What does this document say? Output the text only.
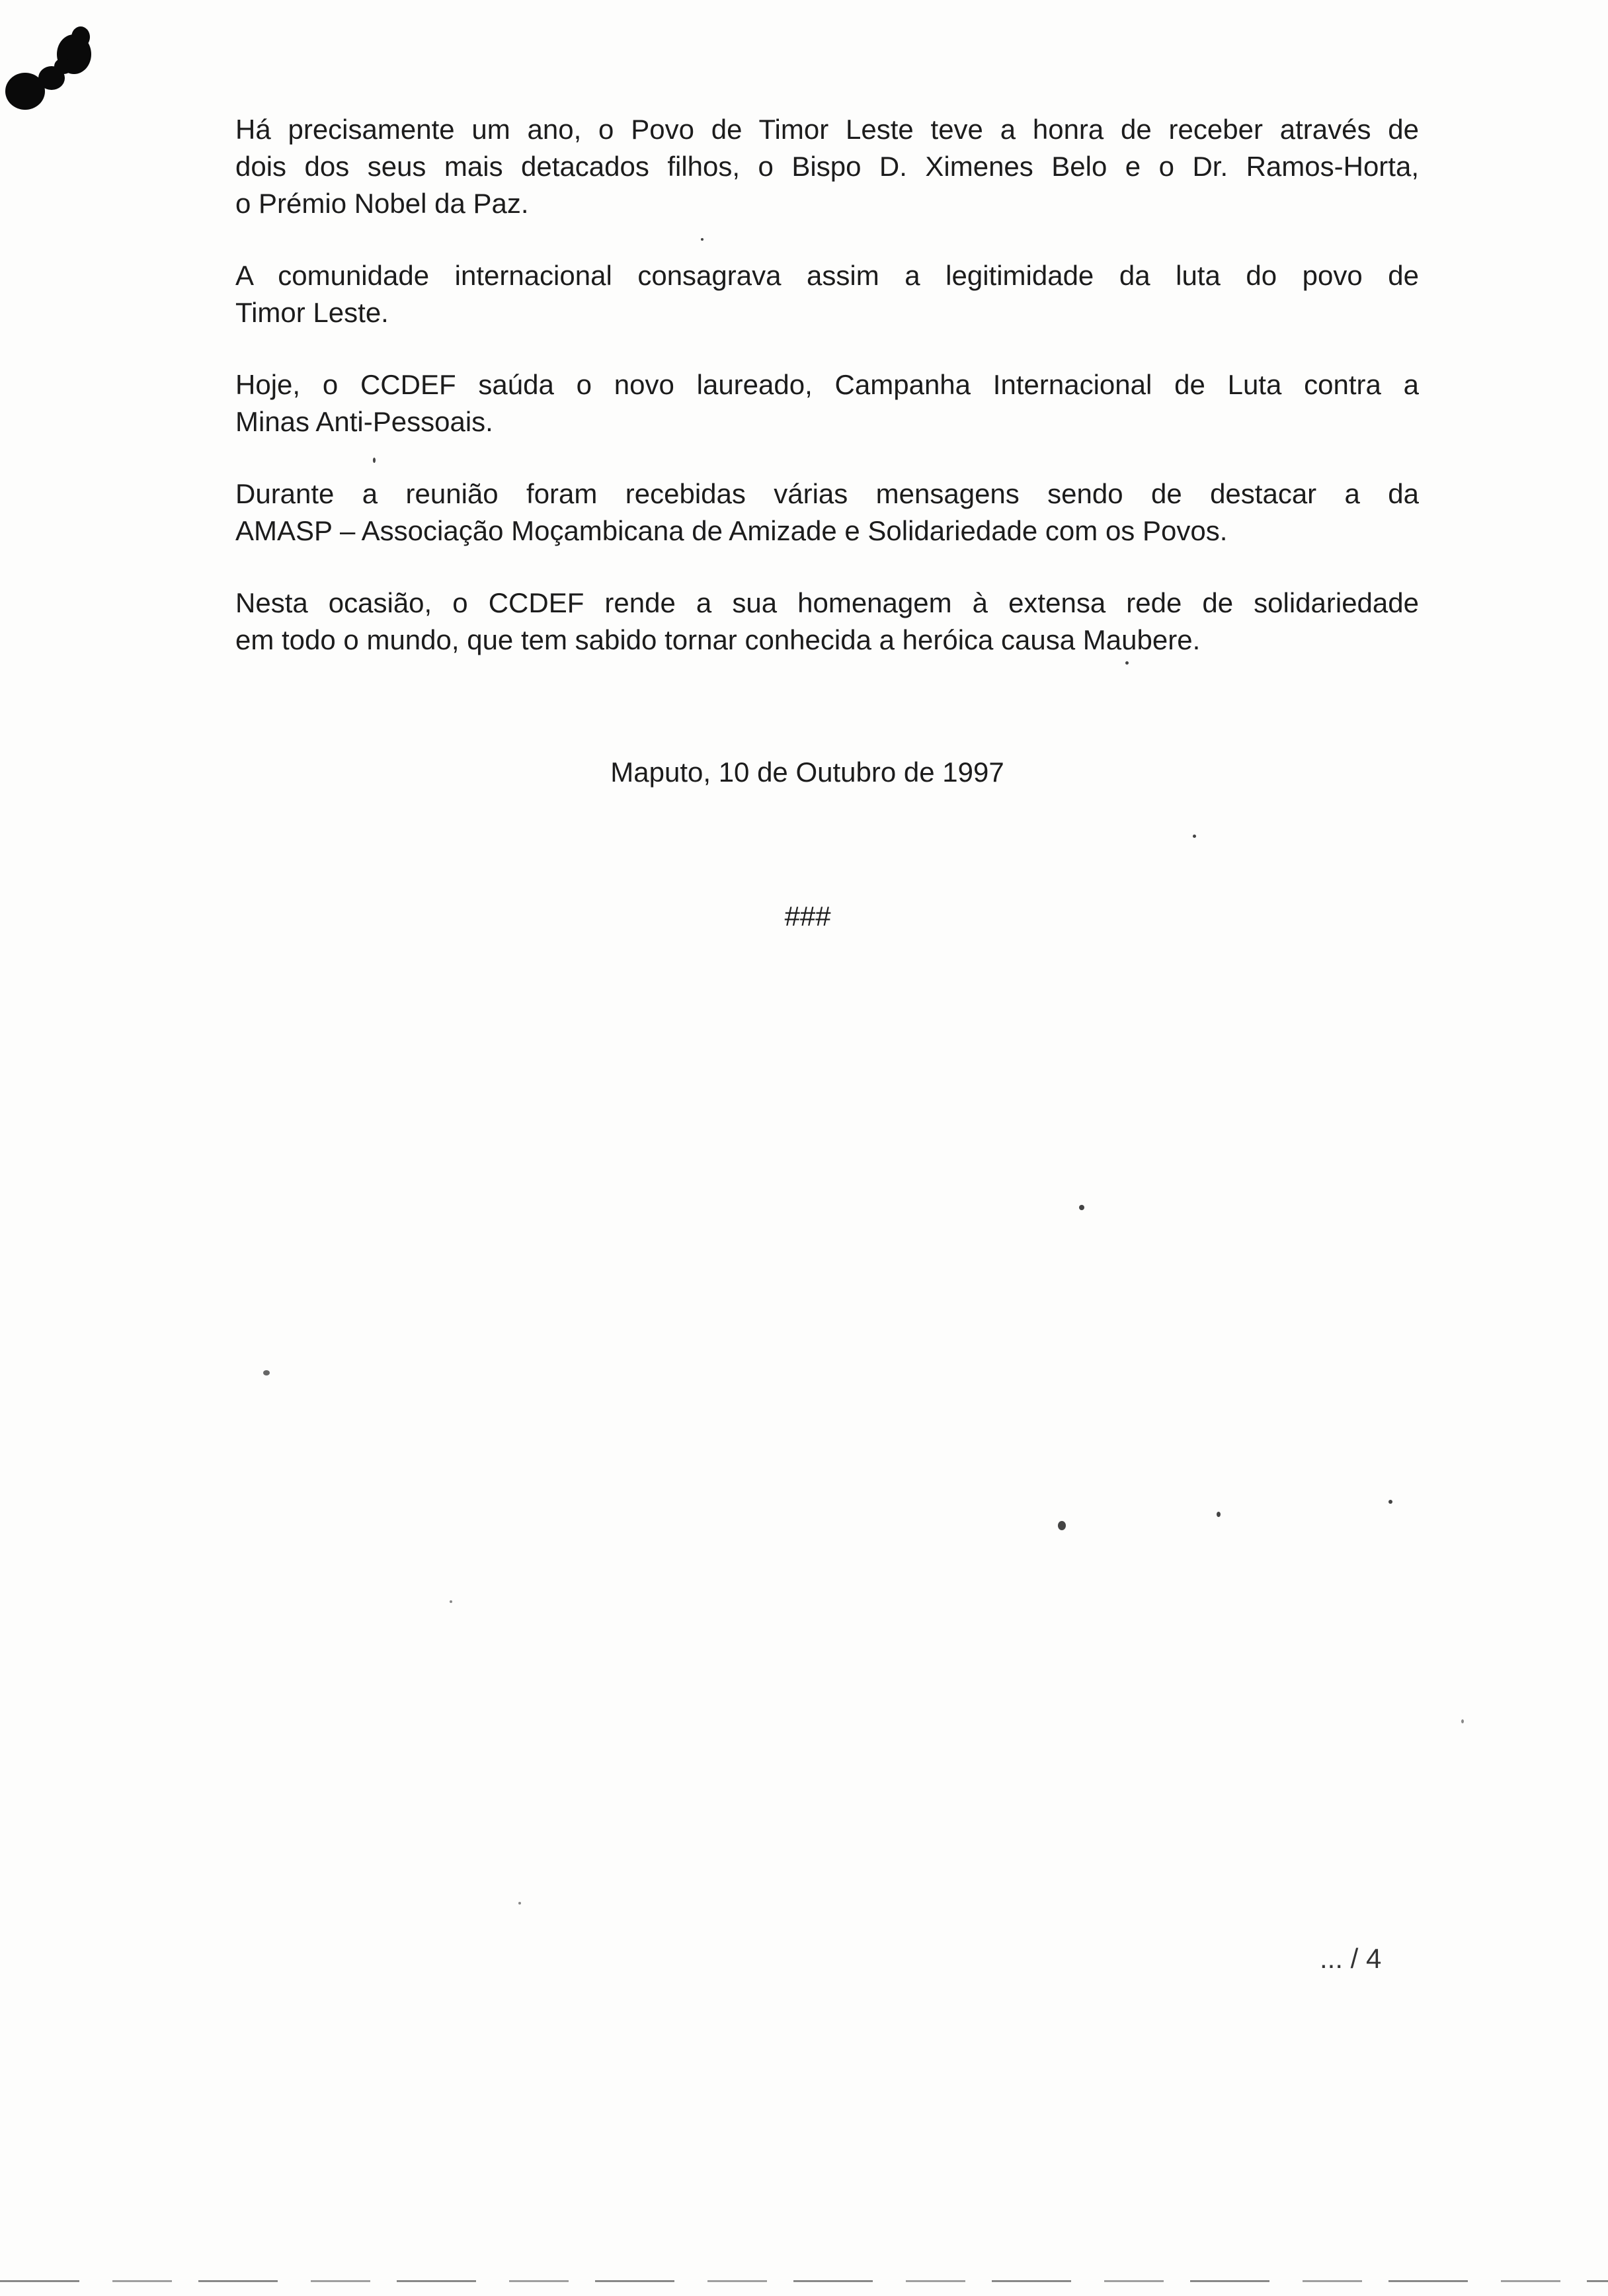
Há precisamente um ano, o Povo de Timor Leste teve a honra de receber através de
dois dos seus mais detacados filhos, o Bispo D. Ximenes Belo e o Dr. Ramos-Horta,
o Prémio Nobel da Paz.

A comunidade internacional consagrava assim a legitimidade da luta do povo de
Timor Leste.

Hoje, o CCDEF saúda o novo laureado, Campanha Internacional de Luta contra a
Minas Anti-Pessoais.

Durante a reunião foram recebidas várias mensagens sendo de destacar a da
AMASP – Associação Moçambicana de Amizade e Solidariedade com os Povos.

Nesta ocasião, o CCDEF rende a sua homenagem à extensa rede de solidariedade
em todo o mundo, que tem sabido tornar conhecida a heróica causa Maubere.

Maputo, 10 de Outubro de 1997
###
... / 4
